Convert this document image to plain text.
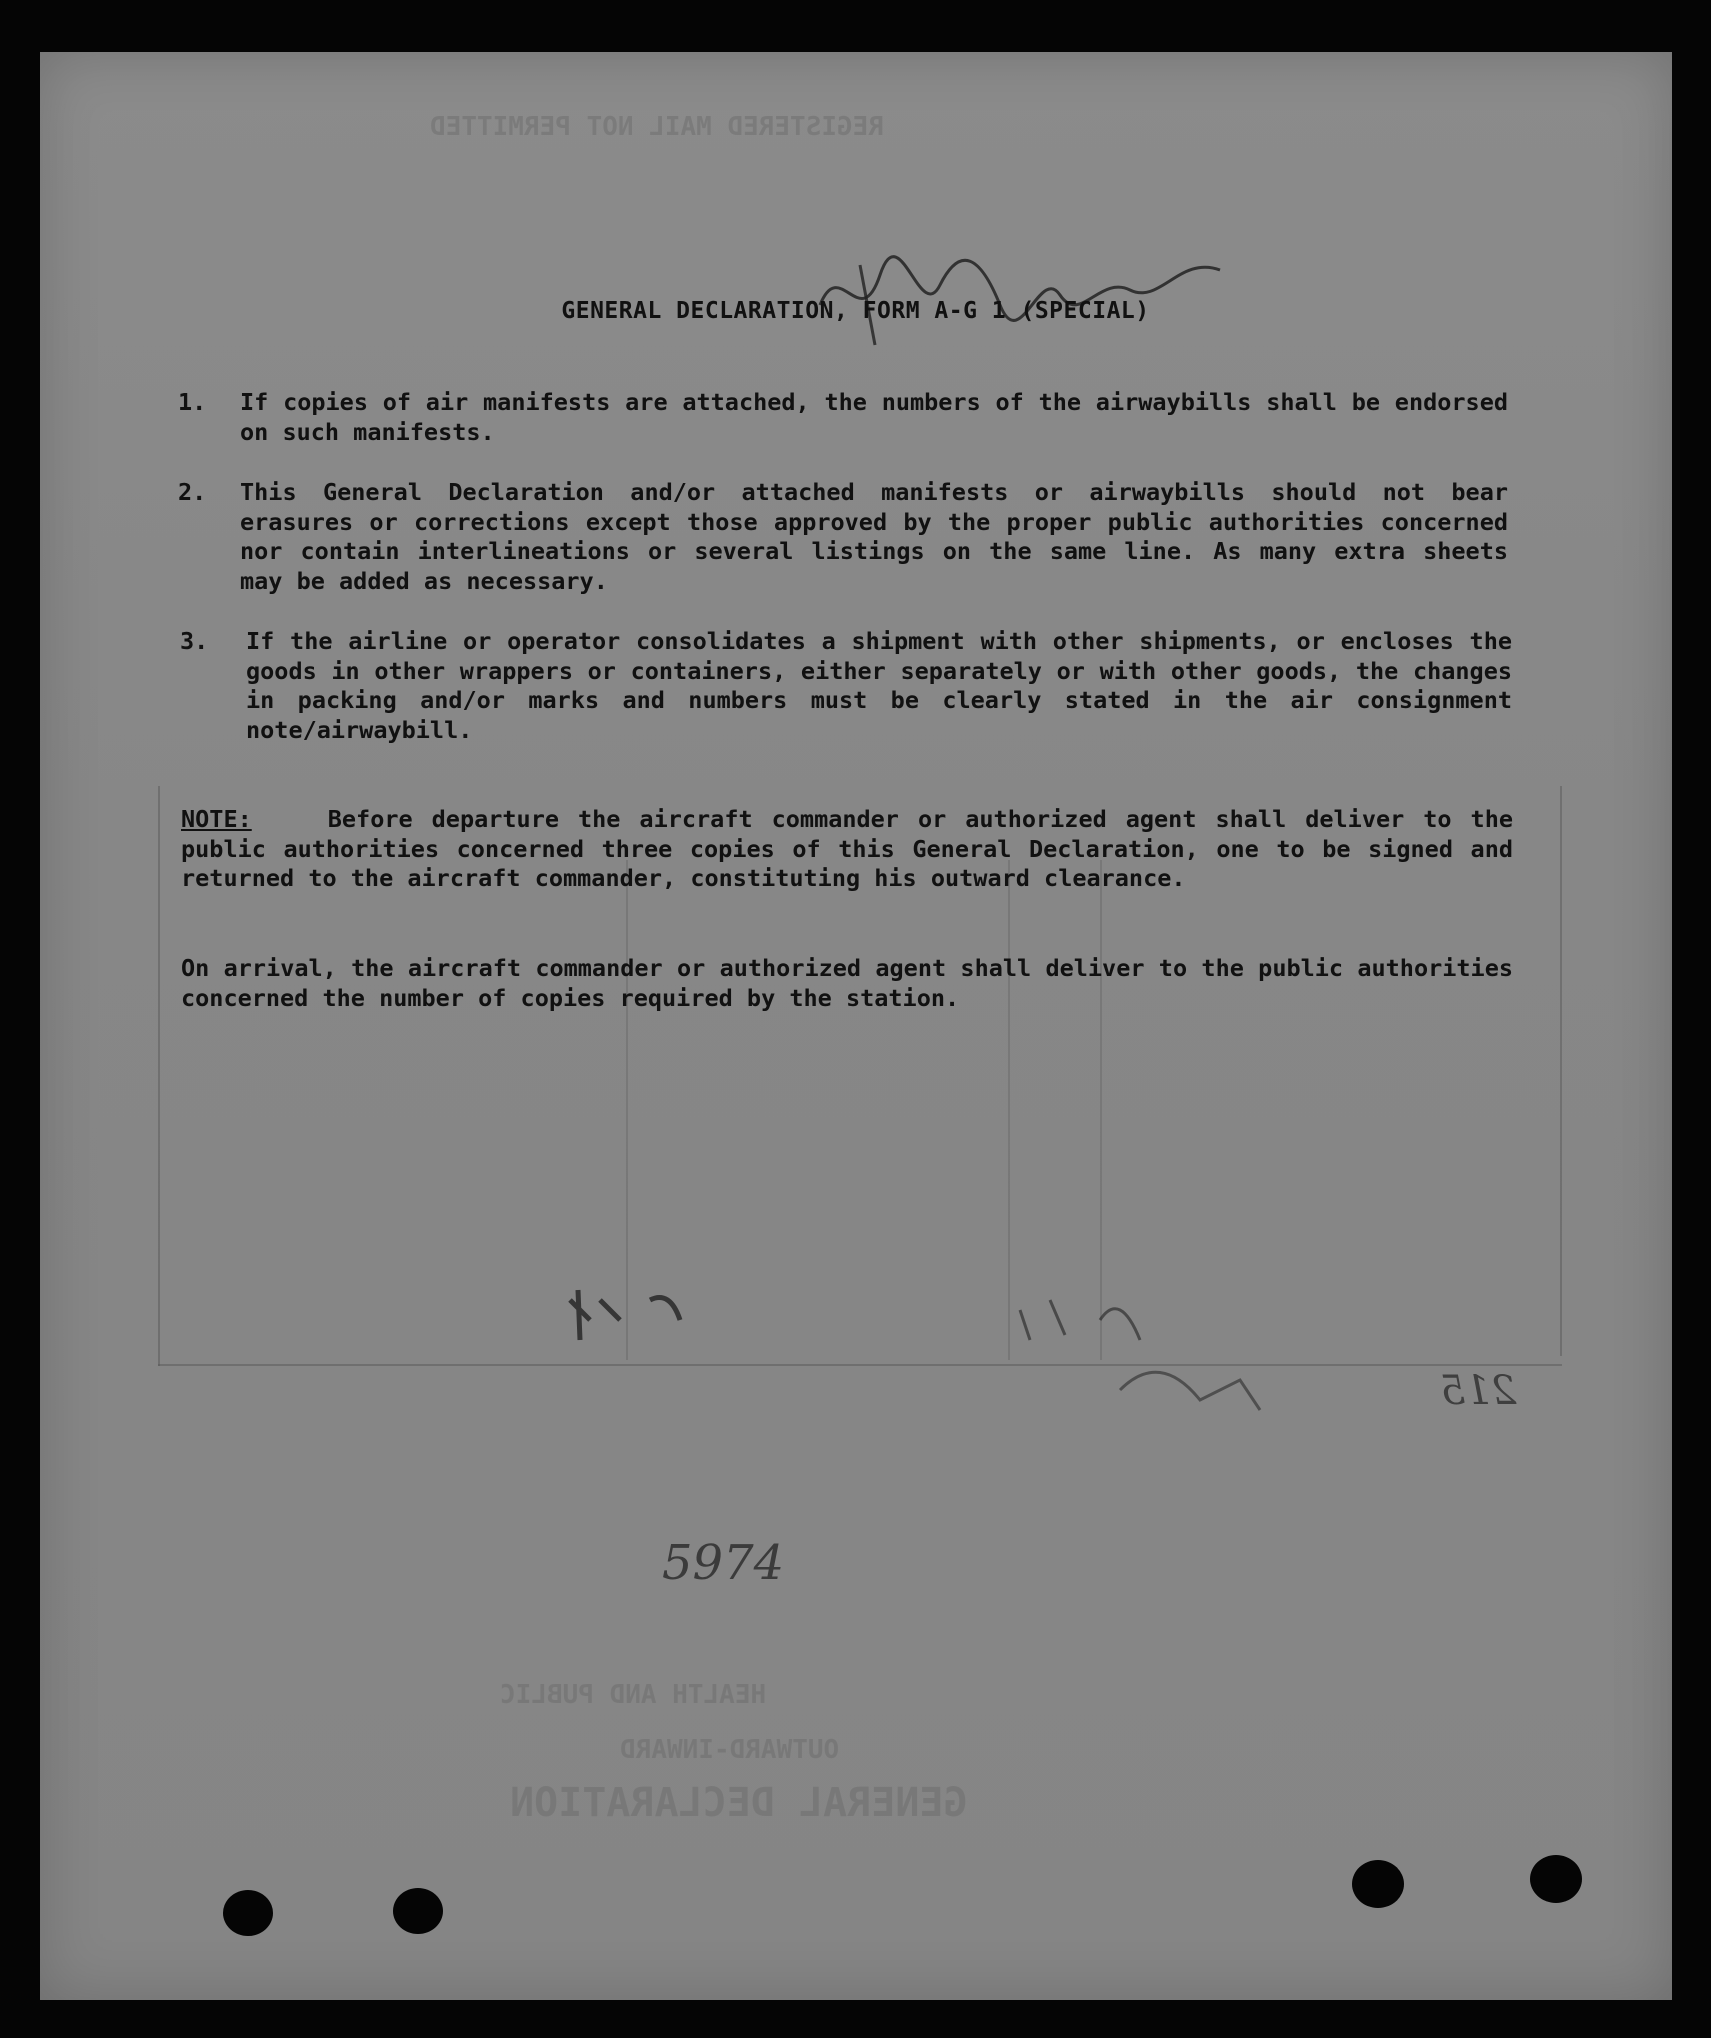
REGISTERED MAIL NOT PERMITTED
HEALTH AND PUBLIC
OUTWARD-INWARD
GENERAL DECLARATION
GENERAL DECLARATION, FORM A-G 1 (SPECIAL)
1. If copies of air manifests are attached, the numbers of the airwaybills shall be endorsed on such manifests.
2. This General Declaration and/or attached manifests or airwaybills should not bear erasures or corrections except those approved by the proper public authorities concerned nor contain interlineations or several listings on the same line. As many extra sheets may be added as necessary.
3. If the airline or operator consolidates a shipment with other shipments, or encloses the goods in other wrappers or containers, either separately or with other goods, the changes in packing and/or marks and numbers must be clearly stated in the air consignment note/airwaybill.
NOTE:	Before departure the aircraft commander or authorized agent shall deliver to the public authorities concerned three copies of this General Declaration, one to be signed and returned to the aircraft commander, constituting his outward clearance.
On arrival, the aircraft commander or authorized agent shall deliver to the public authorities concerned the number of copies required by the station.
5974
215
